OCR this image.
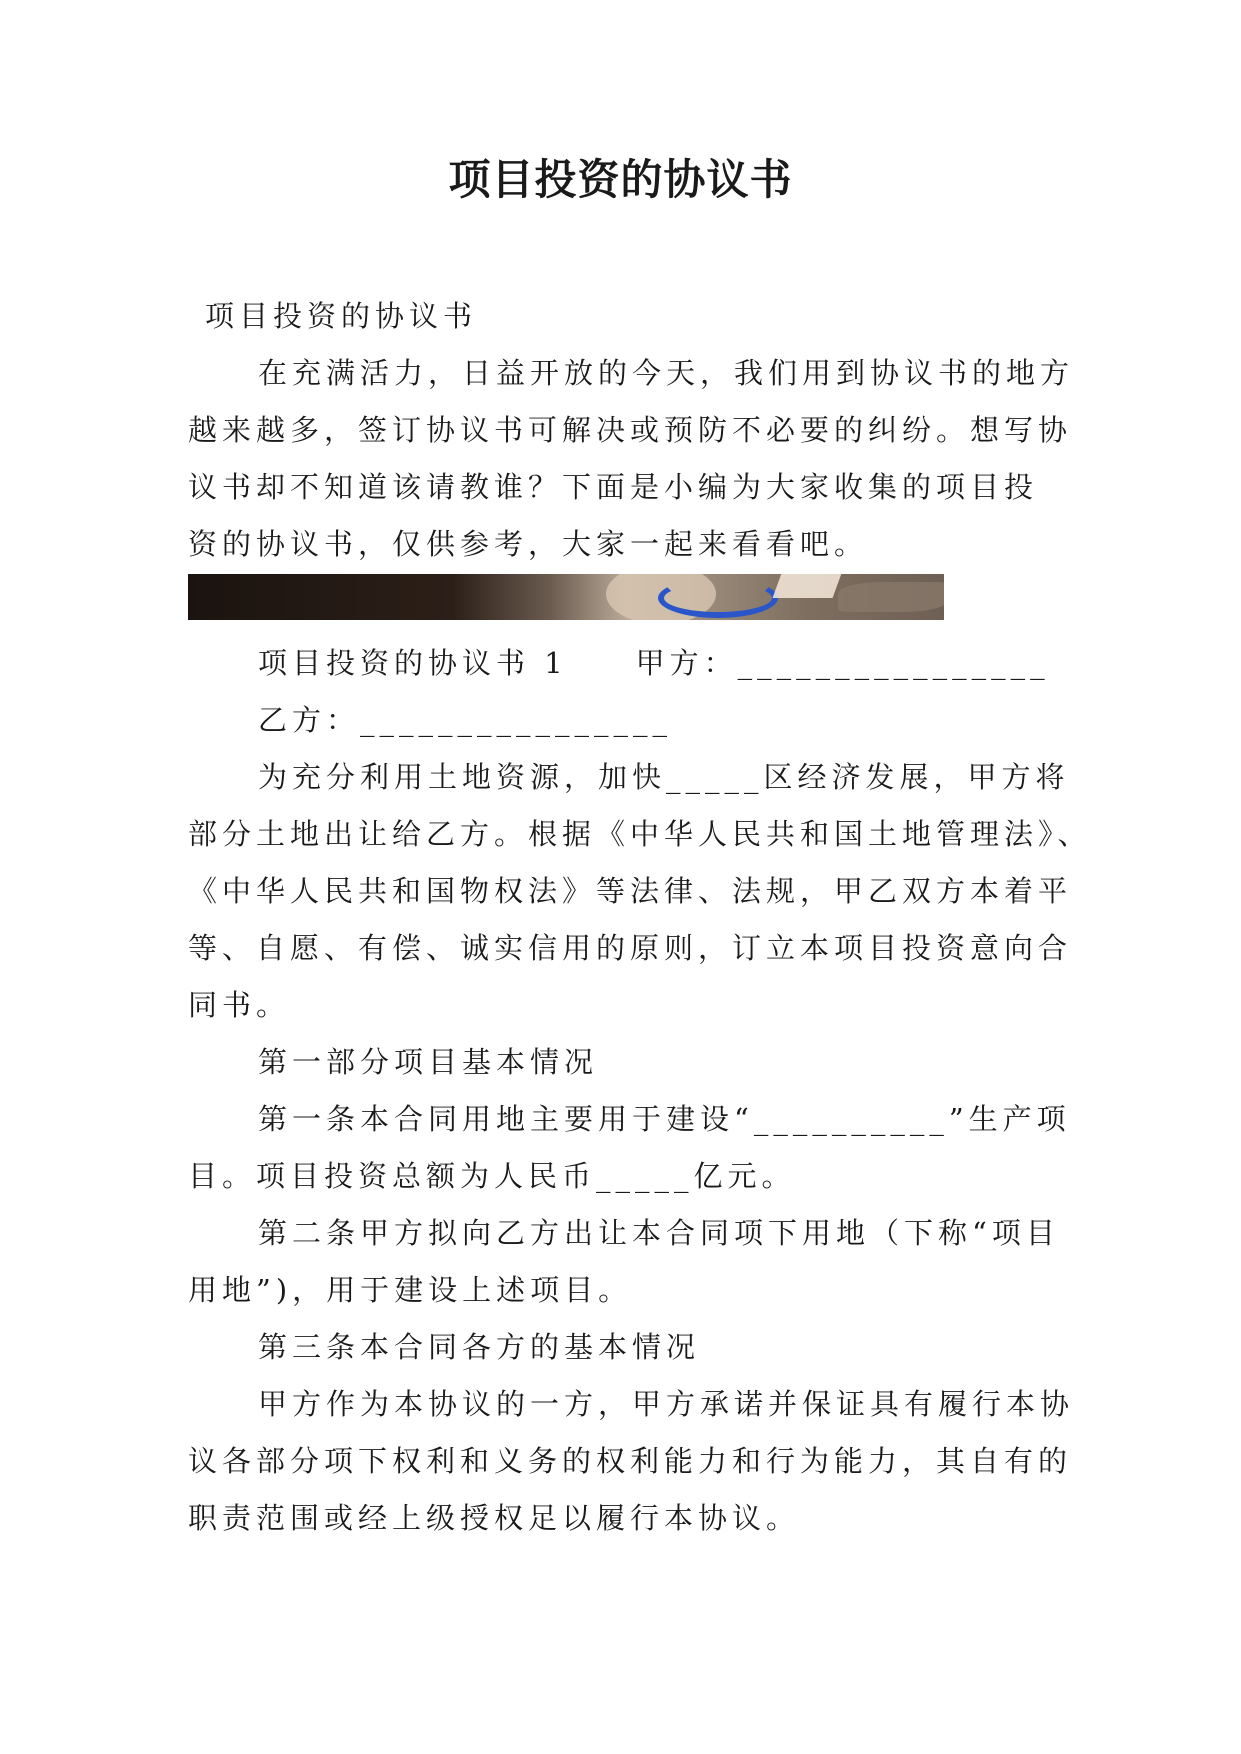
项目投资的协议书
项目投资的协议书
在充满活力，日益开放的今天，我们用到协议书的地方
越来越多，签订协议书可解决或预防不必要的纠纷。想写协
议书却不知道该请教谁？下面是小编为大家收集的项目投
资的协议书，仅供参考，大家一起来看看吧。
项目投资的协议书 1　　甲方：________________
乙方：________________
为充分利用土地资源，加快_____区经济发展，甲方将
部分土地出让给乙方。根据《中华人民共和国土地管理法》、
《中华人民共和国物权法》等法律、法规，甲乙双方本着平
等、自愿、有偿、诚实信用的原则，订立本项目投资意向合
同书。
第一部分项目基本情况
第一条本合同用地主要用于建设“__________”生产项
目。项目投资总额为人民币_____亿元。
第二条甲方拟向乙方出让本合同项下用地（下称“项目
用地”)，用于建设上述项目。
第三条本合同各方的基本情况
甲方作为本协议的一方，甲方承诺并保证具有履行本协
议各部分项下权利和义务的权利能力和行为能力，其自有的
职责范围或经上级授权足以履行本协议。
